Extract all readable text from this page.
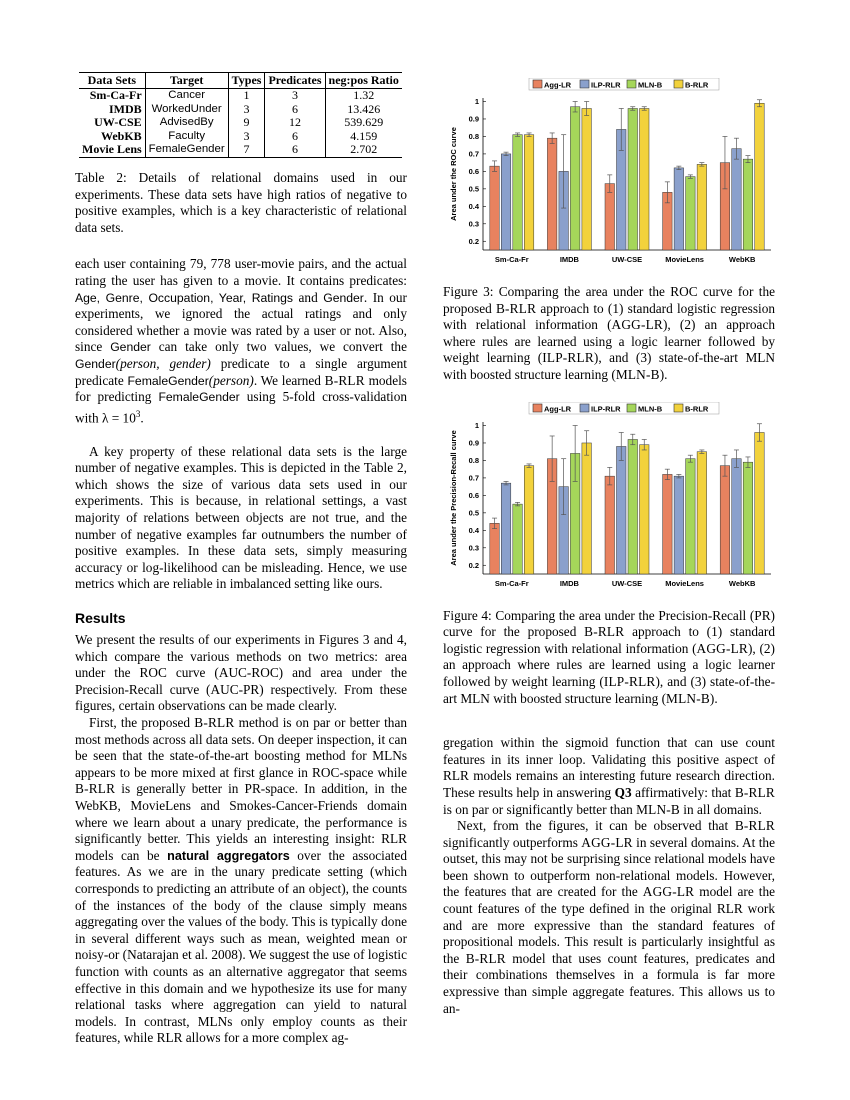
Data Sets	Target	Types	Predicates	neg:pos Ratio
Sm-Ca-Fr	Cancer	1	3	1.32
IMDB	WorkedUnder	3	6	13.426
UW-CSE	AdvisedBy	9	12	539.629
WebKB	Faculty	3	6	4.159
Movie Lens	FemaleGender	7	6	2.702

Table 2: Details of relational domains used in our experiments. These data sets have high ratios of negative to positive examples, which is a key characteristic of relational data sets.

each user containing 79, 778 user-movie pairs, and the actual rating the user has given to a movie. It contains predicates: Age, Genre, Occupation, Year, Ratings and Gender. In our experiments, we ignored the actual ratings and only considered whether a movie was rated by a user or not. Also, since Gender can take only two values, we convert the Gender(person, gender) predicate to a single argument predicate FemaleGender(person). We learned B-RLR models for predicting FemaleGender using 5-fold cross-validation with $\lambda = 10^3$.

A key property of these relational data sets is the large number of negative examples. This is depicted in the Table 2, which shows the size of various data sets used in our experiments. This is because, in relational settings, a vast majority of relations between objects are not true, and the number of negative examples far outnumbers the number of positive examples. In these data sets, simply measuring accuracy or log-likelihood can be misleading. Hence, we use metrics which are reliable in imbalanced setting like ours.

Results

We present the results of our experiments in Figures 3 and 4, which compare the various methods on two metrics: area under the ROC curve (AUC-ROC) and area under the Precision-Recall curve (AUC-PR) respectively. From these figures, certain observations can be made clearly.

First, the proposed B-RLR method is on par or better than most methods across all data sets. On deeper inspection, it can be seen that the state-of-the-art boosting method for MLNs appears to be more mixed at first glance in ROC-space while B-RLR is generally better in PR-space. In addition, in the WebKB, MovieLens and Smokes-Cancer-Friends domain where we learn about a unary predicate, the performance is significantly better. This yields an interesting insight: RLR models can be natural aggregators over the associated features. As we are in the unary predicate setting (which corresponds to predicting an attribute of an object), the counts of the instances of the body of the clause simply means aggregating over the values of the body. This is typically done in several different ways such as mean, weighted mean or noisy-or (Natarajan et al. 2008). We suggest the use of logistic function with counts as an alternative aggregator that seems effective in this domain and we hypothesize its use for many relational tasks where aggregation can yield to natural models. In contrast, MLNs only employ counts as their features, while RLR allows for a more complex ag-

Agg-LR	ILP-RLR MLN-B	B-RLR
0.2
0.3
0.4
0.5
0.6
0.7
0.8
0.9
1
Area under the ROC curve
Sm-Ca-Fr	IMDB	UW-CSE	MovieLens	WebKB

Figure 3: Comparing the area under the ROC curve for the proposed B-RLR approach to (1) standard logistic regression with relational information (AGG-LR), (2) an approach where rules are learned using a logic learner followed by weight learning (ILP-RLR), and (3) state-of-the-art MLN with boosted structure learning (MLN-B).

Agg-LR	ILP-RLR MLN-B	B-RLR
0.2
0.3
0.4
0.5
0.6
0.7
0.8
0.9
1
Area under the Precision-Recall curve
Sm-Ca-Fr	IMDB	UW-CSE	MovieLens	WebKB

Figure 4: Comparing the area under the Precision-Recall (PR) curve for the proposed B-RLR approach to (1) standard logistic regression with relational information (AGG-LR), (2) an approach where rules are learned using a logic learner followed by weight learning (ILP-RLR), and (3) state-of-the-art MLN with boosted structure learning (MLN-B).

gregation within the sigmoid function that can use count features in its inner loop. Validating this positive aspect of RLR models remains an interesting future research direction. These results help in answering Q3 affirmatively: that B-RLR is on par or significantly better than MLN-B in all domains.

Next, from the figures, it can be observed that B-RLR significantly outperforms AGG-LR in several domains. At the outset, this may not be surprising since relational models have been shown to outperform non-relational models. However, the features that are created for the AGG-LR model are the count features of the type defined in the original RLR work and are more expressive than the standard features of propositional models. This result is particularly insightful as the B-RLR model that uses count features, predicates and their combinations themselves in a formula is far more expressive than simple aggregate features. This allows us to an-
